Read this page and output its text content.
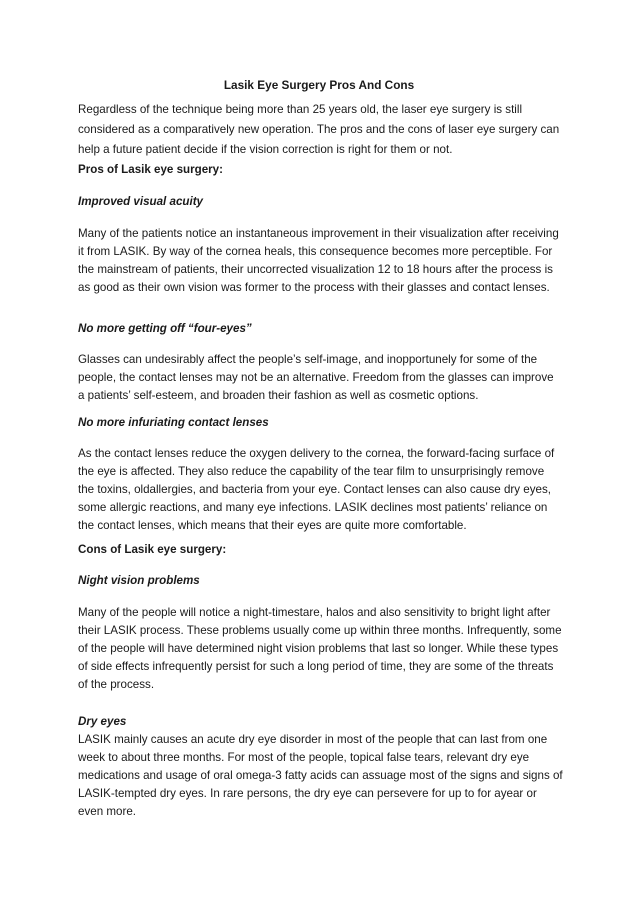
Lasik Eye Surgery Pros And Cons

Regardless of the technique being more than 25 years old, the laser eye surgery is still considered as a comparatively new operation. The pros and the cons of laser eye surgery can help a future patient decide if the vision correction is right for them or not.

Pros of Lasik eye surgery:

Improved visual acuity

Many of the patients notice an instantaneous improvement in their visualization after receiving it from LASIK. By way of the cornea heals, this consequence becomes more perceptible. For the mainstream of patients, their uncorrected visualization 12 to 18 hours after the process is as good as their own vision was former to the process with their glasses and contact lenses.

No more getting off “four-eyes”

Glasses can undesirably affect the people’s self-image, and inopportunely for some of the people, the contact lenses may not be an alternative. Freedom from the glasses can improve a patients’ self-esteem, and broaden their fashion as well as cosmetic options.

No more infuriating contact lenses

As the contact lenses reduce the oxygen delivery to the cornea, the forward-facing surface of the eye is affected. They also reduce the capability of the tear film to unsurprisingly remove the toxins, oldallergies, and bacteria from your eye. Contact lenses can also cause dry eyes, some allergic reactions, and many eye infections. LASIK declines most patients’ reliance on the contact lenses, which means that their eyes are quite more comfortable.

Cons of Lasik eye surgery:

Night vision problems

Many of the people will notice a night-timestare, halos and also sensitivity to bright light after their LASIK process. These problems usually come up within three months. Infrequently, some of the people will have determined night vision problems that last so longer. While these types of side effects infrequently persist for such a long period of time, they are some of the threats of the process.

Dry eyes

LASIK mainly causes an acute dry eye disorder in most of the people that can last from one week to about three months. For most of the people, topical false tears, relevant dry eye medications and usage of oral omega-3 fatty acids can assuage most of the signs and signs of LASIK-tempted dry eyes. In rare persons, the dry eye can persevere for up to for ayear or even more.
